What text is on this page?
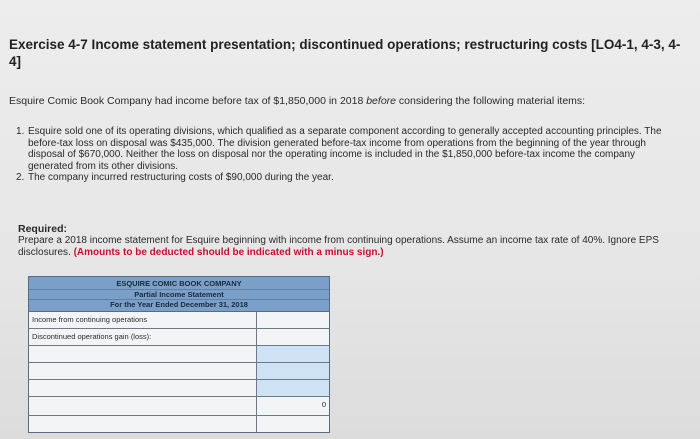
Exercise 4-7 Income statement presentation; discontinued operations; restructuring costs [LO4-1, 4-3, 4-4]
Esquire Comic Book Company had income before tax of $1,850,000 in 2018 before considering the following material items:
1. Esquire sold one of its operating divisions, which qualified as a separate component according to generally accepted accounting principles. The before-tax loss on disposal was $435,000. The division generated before-tax income from operations from the beginning of the year through disposal of $670,000. Neither the loss on disposal nor the operating income is included in the $1,850,000 before-tax income the company generated from its other divisions.
2. The company incurred restructuring costs of $90,000 during the year.
Required:
Prepare a 2018 income statement for Esquire beginning with income from continuing operations. Assume an income tax rate of 40%. Ignore EPS disclosures. (Amounts to be deducted should be indicated with a minus sign.)
ESQUIRE COMIC BOOK COMPANY
Partial Income Statement
For the Year Ended December 31, 2018
Income from continuing operations
Discontinued operations gain (loss):
0
